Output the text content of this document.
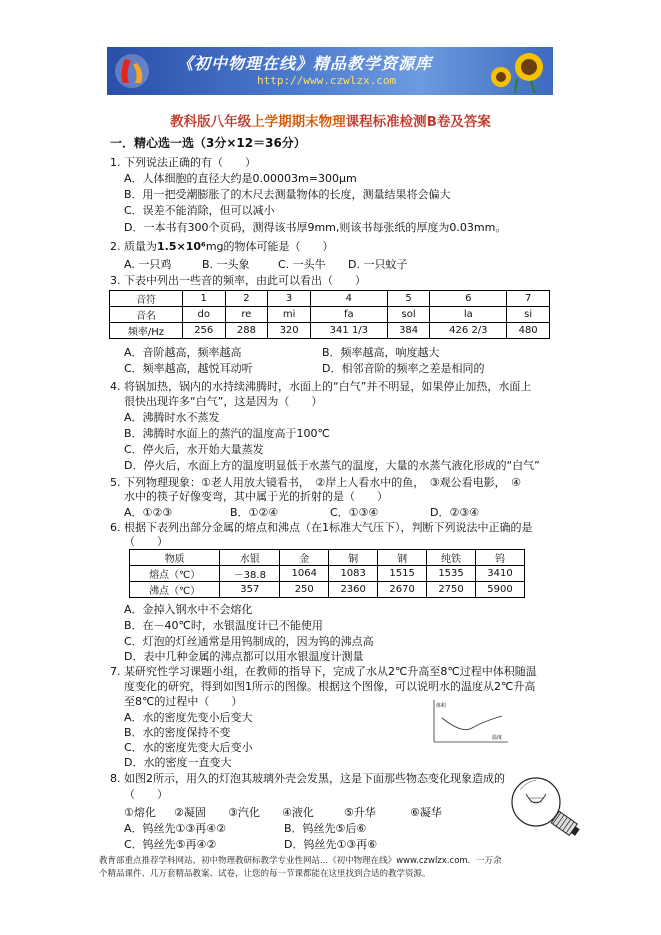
《初中物理在线》精品教学资源库
http://www.czwlzx.com
教科版八年级上学期期末物理课程标准检测B卷及答案
一．精心选一选（3分×12＝36分）
1. 下列说法正确的有（　　）
A．人体细胞的直径大约是0.00003m=300μm
B．用一把受潮膨胀了的木尺去测量物体的长度，测量结果将会偏大
C．误差不能消除，但可以减小
D．一本书有300个页码，测得该书厚9mm,则该书每张纸的厚度为0.03mm。
2. 质量为1.5×10⁶mg的物体可能是（　　）
A. 一只鸡	B. 一头象	C. 一头牛 D. 一只蚊子
3. 下表中列出一些音的频率，由此可以看出（　　）
音符	1	2	3	4	5	6	7
音名	do	re	mi	fa	sol	la	si
频率/Hz	256	288	320	341 1/3	384	426 2/3	480
A．音阶越高，频率越高	B．频率越高，响度越大
C．频率越高，越悦耳动听	D．相邻音阶的频率之差是相同的
4. 将锅加热，锅内的水持续沸腾时，水面上的“白气”并不明显，如果停止加热，水面上
很快出现许多“白气”，这是因为（　　）
A．沸腾时水不蒸发
B．沸腾时水面上的蒸汽的温度高于100℃
C．停火后，水开始大量蒸发
D．停火后，水面上方的温度明显低于水蒸气的温度，大量的水蒸气液化形成的“白气”
5. 下列物理现象：①老人用放大镜看书，　②岸上人看水中的鱼，　③观公看电影，　④
水中的筷子好像变弯，其中属于光的折射的是（　　）
A．①②③	B．①②④	C．①③④	D．②③④
6. 根据下表列出部分金属的熔点和沸点（在1标准大气压下），判断下列说法中正确的是
（　　）
物质	水银	金	铜	钢	纯铁	钨
熔点（℃）	－38.8	1064	1083	1515	1535	3410
沸点（℃）	357	250	2360	2670	2750	5900
A．金掉入钢水中不会熔化
B．在－40℃时，水银温度计已不能使用
C．灯泡的灯丝通常是用钨制成的，因为钨的沸点高
D．表中几种金属的沸点都可以用水银温度计测量
7. 某研究性学习课题小组，在教师的指导下，完成了水从2℃升高至8℃过程中体积随温
度变化的研究，得到如图1所示的图像。根据这个图像，可以说明水的温度从2℃升高
至8℃的过程中（　　）
A．水的密度先变小后变大
B．水的密度保持不变
C．水的密度先变大后变小
D．水的密度一直变大
体积
温度
8. 如图2所示，用久的灯泡其玻璃外壳会发黑，这是下面那些物态变化现象造成的
（　　）
①熔化 ②凝固 ③汽化 ④液化	⑤升华	⑥凝华
A．钨丝先①③再④②	B．钨丝先⑤后⑥
C．钨丝先⑤再④②	D．钨丝先①③再⑥
教育部重点推荐学科网站、初中物理教研标教学专业性网站...《初中物理在线》www.czwlzx.com．一万余
个精品课件、几万套精品教案、试卷，让您的每一节课都能在这里找到合适的教学资源。
